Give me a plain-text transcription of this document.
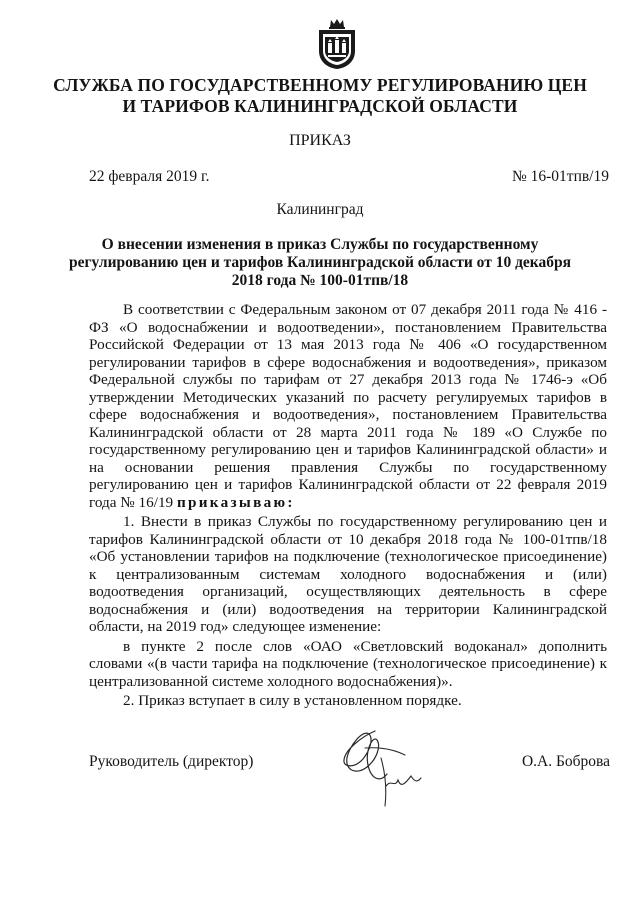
СЛУЖБА ПО ГОСУДАРСТВЕННОМУ РЕГУЛИРОВАНИЮ ЦЕН
И ТАРИФОВ КАЛИНИНГРАДСКОЙ ОБЛАСТИ
ПРИКАЗ
22 февраля 2019 г.	№ 16-01тпв/19
Калининград
О внесении изменения в приказ Службы по государственному
регулированию цен и тарифов Калининградской области от 10 декабря
2018 года № 100-01тпв/18

В соответствии с Федеральным законом от 07 декабря 2011 года № 416 - ФЗ «О водоснабжении и водоотведении», постановлением Правительства Российской Федерации от 13 мая 2013 года № 406 «О государственном регулировании тарифов в сфере водоснабжения и водоотведения», приказом Федеральной службы по тарифам от 27 декабря 2013 года № 1746-э «Об утверждении Методических указаний по расчету регулируемых тарифов в сфере водоснабжения и водоотведения», постановлением Правительства Калининградской области от 28 марта 2011 года № 189 «О Службе по государственному регулированию цен и тарифов Калининградской области» и на основании решения правления Службы по государственному регулированию цен и тарифов Калининградской области от 22 февраля 2019 года № 16/19 приказываю:

1. Внести в приказ Службы по государственному регулированию цен и тарифов Калининградской области от 10 декабря 2018 года № 100-01тпв/18 «Об установлении тарифов на подключение (технологическое присоединение) к централизованным системам холодного водоснабжения и (или) водоотведения организаций, осуществляющих деятельность в сфере водоснабжения и (или) водоотведения на территории Калининградской области, на 2019 год» следующее изменение:

в пункте 2 после слов «ОАО «Светловский водоканал» дополнить словами «(в части тарифа на подключение (технологическое присоединение) к централизованной системе холодного водоснабжения)».

2. Приказ вступает в силу в установленном порядке.

Руководитель (директор)	О.А. Боброва
